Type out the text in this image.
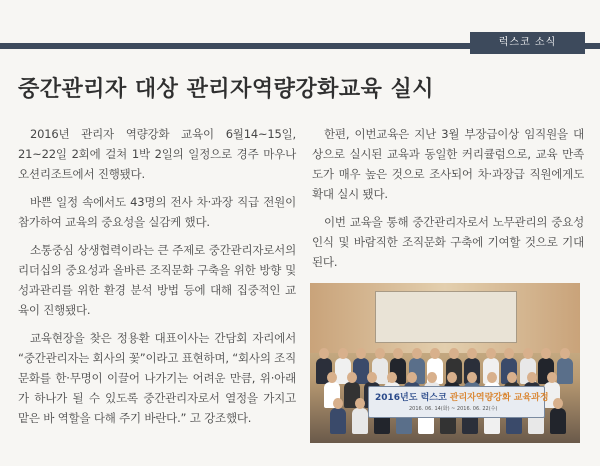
럭스코 소식
중간관리자 대상 관리자역량강화교육 실시

2016년 관리자 역량강화 교육이 6월14~15일, 21~22일 2회에 걸쳐 1박 2일의 일정으로 경주 마우나오션리조트에서 진행됐다.

바쁜 일정 속에서도 43명의 전사 차·과장 직급 전원이 참가하여 교육의 중요성을 실감케 했다.

소통중심 상생협력이라는 큰 주제로 중간관리자로서의 리더십의 중요성과 올바른 조직문화 구축을 위한 방향 및 성과관리를 위한 환경 분석 방법 등에 대해 집중적인 교육이 진행됐다.

교육현장을 찾은 정용환 대표이사는 간담회 자리에서 “중간관리자는 회사의 꽃”이라고 표현하며, “회사의 조직문화를 한·무명이 이끌어 나가기는 어려운 만큼, 위·아래가 하나가 될 수 있도록 중간관리자로서 열정을 가지고 맡은 바 역할을 다해 주기 바란다.” 고 강조했다.

한편, 이번교육은 지난 3월 부장급이상 임직원을 대상으로 실시된 교육과 동일한 커리큘럼으로, 교육 만족도가 매우 높은 것으로 조사되어 차·과장급 직원에게도 확대 실시 됐다.

이번 교육을 통해 중간관리자로서 노무관리의 중요성 인식 및 바람직한 조직문화 구축에 기여할 것으로 기대된다.

2016년도 럭스코 관리자역량강화 교육과정
2016. 06. 14(화) ~ 2016. 06. 22(수)
